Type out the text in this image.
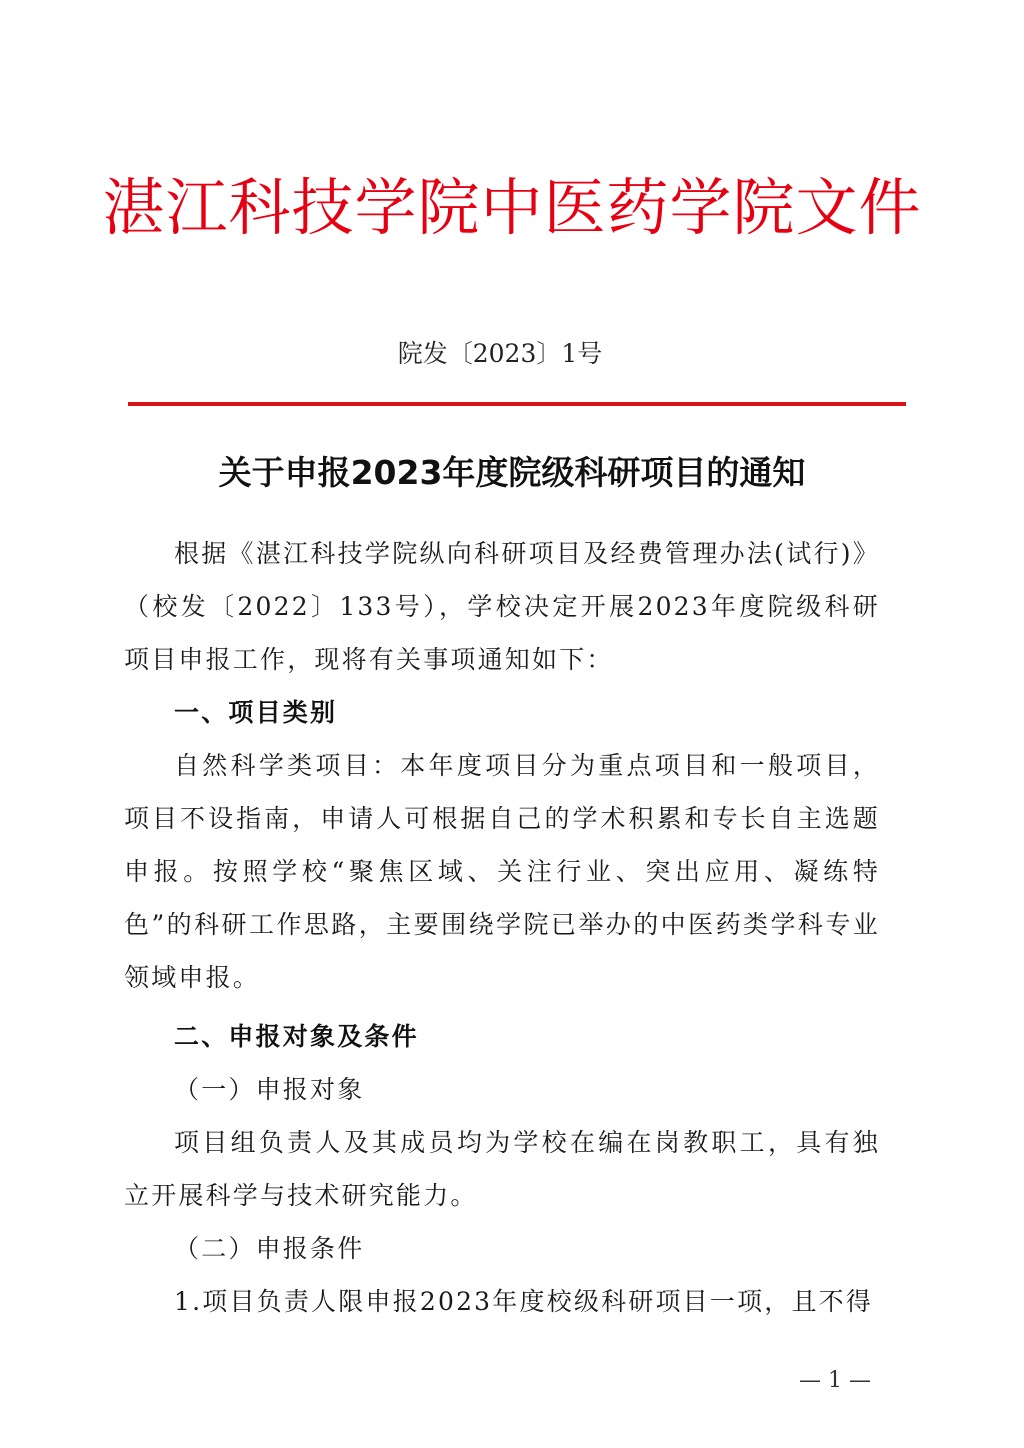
湛江科技学院中医药学院文件
院发〔2023〕1号
关于申报2023年度院级科研项目的通知

根据《湛江科技学院纵向科研项目及经费管理办法(试行)》（校发〔2022〕133号），学校决定开展2023年度院级科研项目申报工作，现将有关事项通知如下：

一、项目类别

自然科学类项目：本年度项目分为重点项目和一般项目，项目不设指南，申请人可根据自己的学术积累和专长自主选题申报。按照学校“聚焦区域、关注行业、突出应用、凝练特色”的科研工作思路，主要围绕学院已举办的中医药类学科专业领域申报。

二、申报对象及条件

（一）申报对象

项目组负责人及其成员均为学校在编在岗教职工，具有独立开展科学与技术研究能力。

（二）申报条件

1.项目负责人限申报2023年度校级科研项目一项，且不得

— 1 —
